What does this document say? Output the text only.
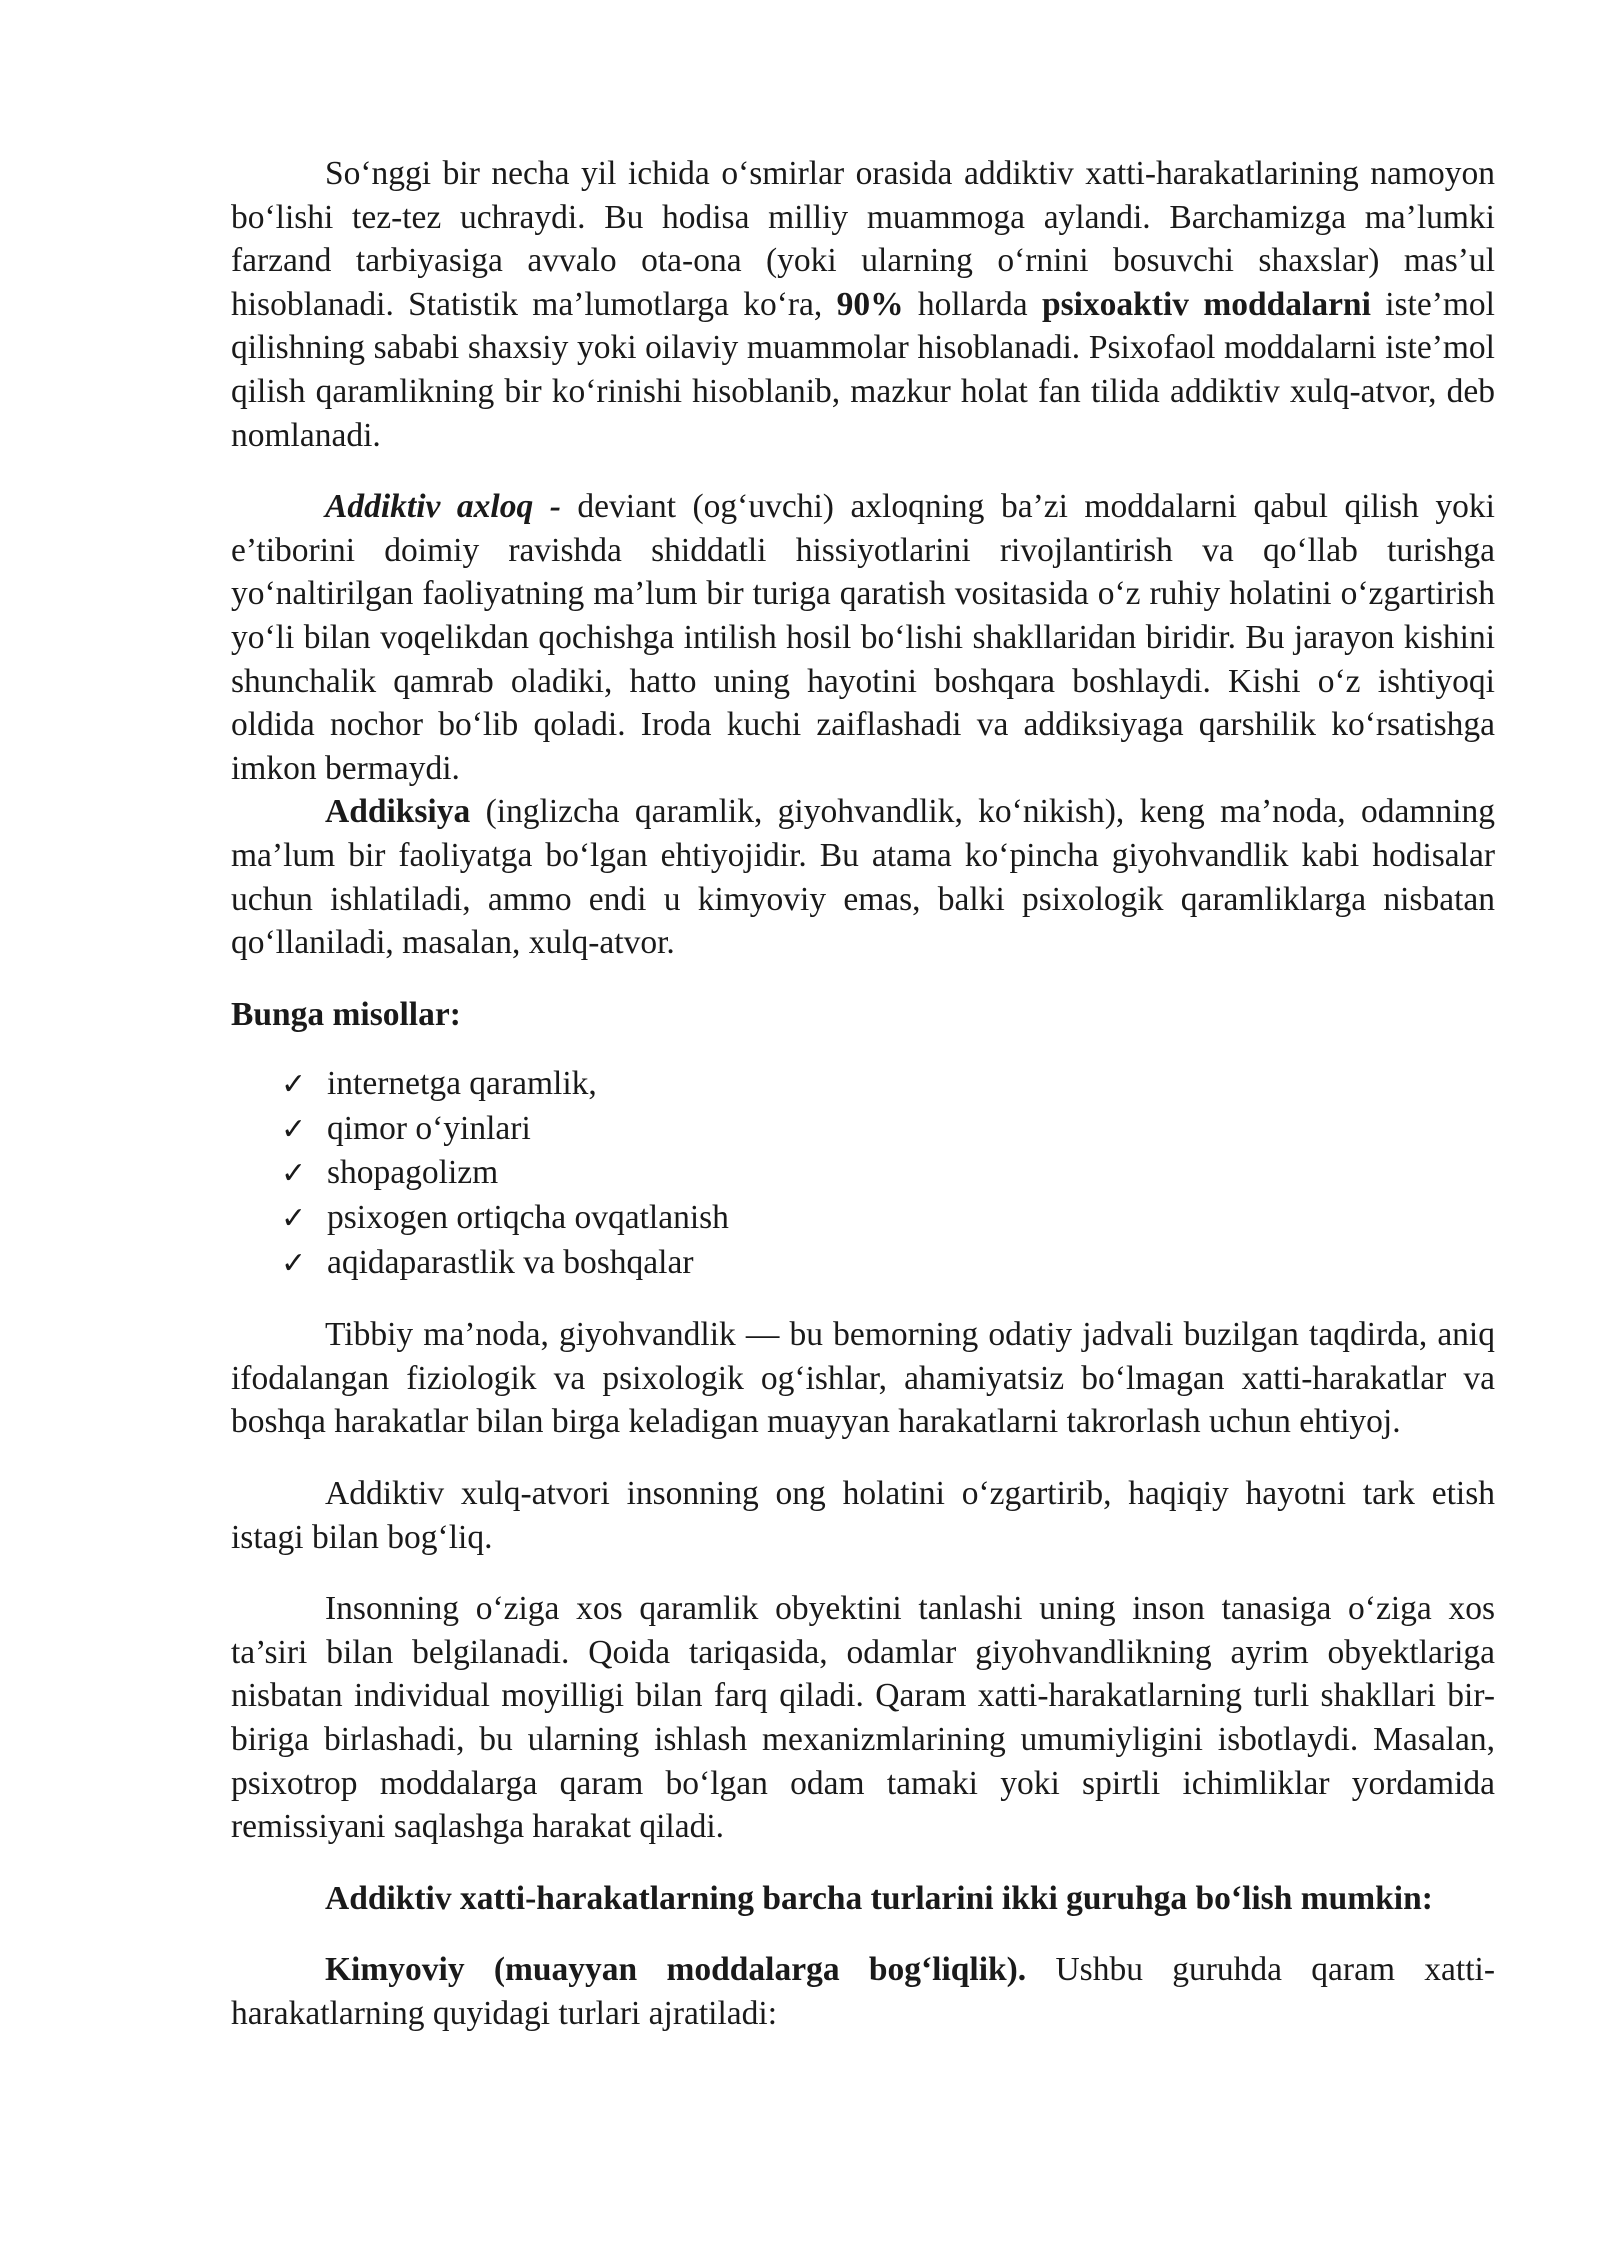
So‘nggi bir necha yil ichida o‘smirlar orasida addiktiv xatti-harakatlarining namoyon bo‘lishi tez-tez uchraydi. Bu hodisa milliy muammoga aylandi. Barchamizga ma’lumki farzand tarbiyasiga avvalo ota-ona (yoki ularning o‘rnini bosuvchi shaxslar) mas’ul hisoblanadi. Statistik ma’lumotlarga ko‘ra, 90% hollarda psixoaktiv moddalarni iste’mol qilishning sababi shaxsiy yoki oilaviy muammolar hisoblanadi. Psixofaol moddalarni iste’mol qilish qaramlikning bir ko‘rinishi hisoblanib, mazkur holat fan tilida addiktiv xulq-atvor, deb nomlanadi.

Addiktiv axloq - deviant (og‘uvchi) axloqning ba’zi moddalarni qabul qilish yoki e’tiborini doimiy ravishda shiddatli hissiyotlarini rivojlantirish va qo‘llab turishga yo‘naltirilgan faoliyatning ma’lum bir turiga qaratish vositasida o‘z ruhiy holatini o‘zgartirish yo‘li bilan voqelikdan qochishga intilish hosil bo‘lishi shakllaridan biridir. Bu jarayon kishini shunchalik qamrab oladiki, hatto uning hayotini boshqara boshlaydi. Kishi o‘z ishtiyoqi oldida nochor bo‘lib qoladi. Iroda kuchi zaiflashadi va addiksiyaga qarshilik ko‘rsatishga imkon bermaydi.

Addiksiya (inglizcha qaramlik, giyohvandlik, ko‘nikish), keng ma’noda, odamning ma’lum bir faoliyatga bo‘lgan ehtiyojidir. Bu atama ko‘pincha giyohvandlik kabi hodisalar uchun ishlatiladi, ammo endi u kimyoviy emas, balki psixologik qaramliklarga nisbatan qo‘llaniladi, masalan, xulq-atvor.

Bunga misollar:

✓ internetga qaramlik,
✓ qimor o‘yinlari
✓ shopagolizm
✓ psixogen ortiqcha ovqatlanish
✓ aqidaparastlik va boshqalar

Tibbiy ma’noda, giyohvandlik — bu bemorning odatiy jadvali buzilgan taqdirda, aniq ifodalangan fiziologik va psixologik og‘ishlar, ahamiyatsiz bo‘lmagan xatti-harakatlar va boshqa harakatlar bilan birga keladigan muayyan harakatlarni takrorlash uchun ehtiyoj.

Addiktiv xulq-atvori insonning ong holatini o‘zgartirib, haqiqiy hayotni tark etish istagi bilan bog‘liq.

Insonning o‘ziga xos qaramlik obyektini tanlashi uning inson tanasiga o‘ziga xos ta’siri bilan belgilanadi. Qoida tariqasida, odamlar giyohvandlikning ayrim obyektlariga nisbatan individual moyilligi bilan farq qiladi. Qaram xatti-harakatlarning turli shakllari bir-biriga birlashadi, bu ularning ishlash mexanizmlarining umumiyligini isbotlaydi. Masalan, psixotrop moddalarga qaram bo‘lgan odam tamaki yoki spirtli ichimliklar yordamida remissiyani saqlashga harakat qiladi.

Addiktiv xatti-harakatlarning barcha turlarini ikki guruhga bo‘lish mumkin:

Kimyoviy (muayyan moddalarga bog‘liqlik). Ushbu guruhda qaram xatti-harakatlarning quyidagi turlari ajratiladi:
